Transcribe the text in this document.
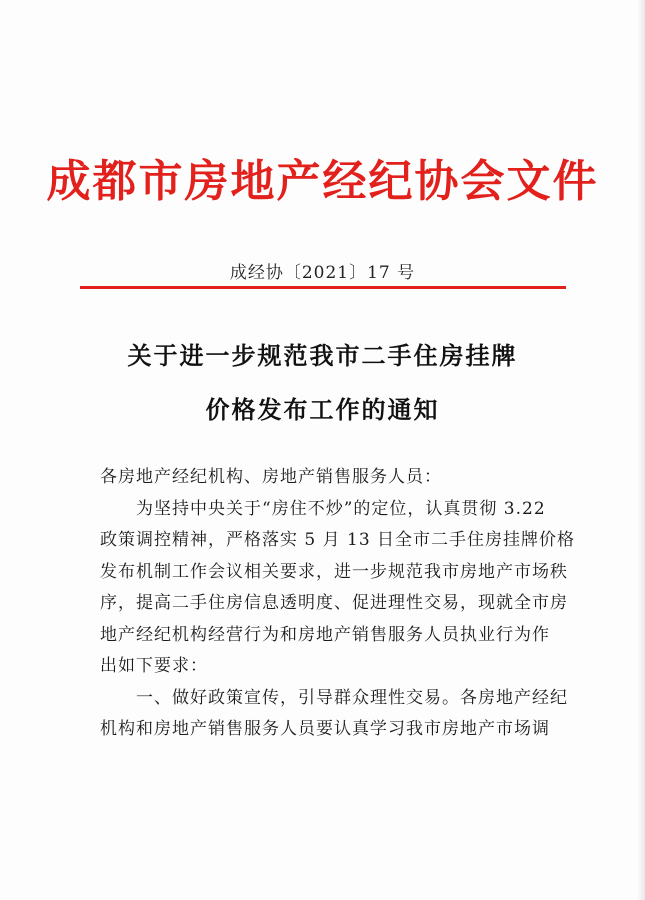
成都市房地产经纪协会文件
成经协〔2021〕17 号
关于进一步规范我市二手住房挂牌
价格发布工作的通知

各房地产经纪机构、房地产销售服务人员：

　　为坚持中央关于“房住不炒”的定位，认真贯彻 3.22

政策调控精神，严格落实 5 月 13 日全市二手住房挂牌价格

发布机制工作会议相关要求，进一步规范我市房地产市场秩

序，提高二手住房信息透明度、促进理性交易，现就全市房

地产经纪机构经营行为和房地产销售服务人员执业行为作

出如下要求：

　　一、做好政策宣传，引导群众理性交易。各房地产经纪

机构和房地产销售服务人员要认真学习我市房地产市场调
